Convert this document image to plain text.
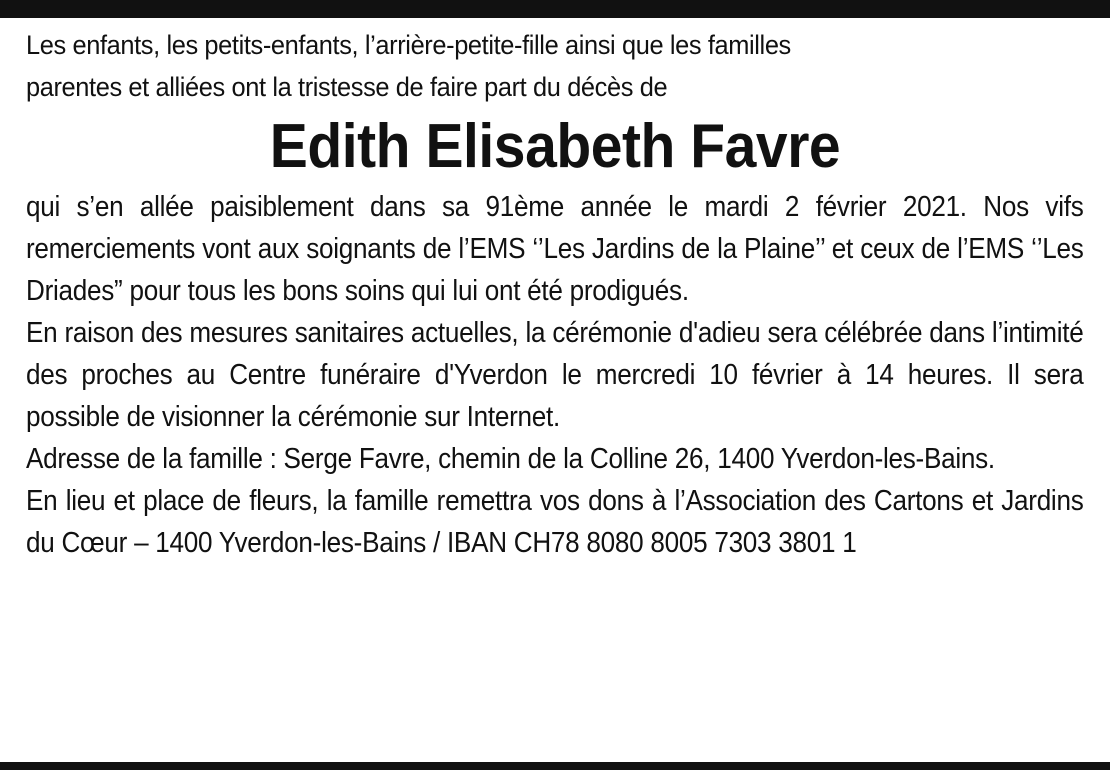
Les enfants, les petits-enfants, l’arrière-petite-fille ainsi que les familles
parentes et alliées ont la tristesse de faire part du décès de

Edith Elisabeth Favre

qui s’en allée paisiblement dans sa 91ème année le mardi 2 février 2021. Nos vifs remerciements vont aux soignants de l’EMS ‘’Les Jardins de la Plaine’’ et ceux de l’EMS ‘’Les Driades” pour tous les bons soins qui lui ont été prodigués.

En raison des mesures sanitaires actuelles, la cérémonie d'adieu sera célébrée dans l’intimité des proches au Centre funéraire d'Yverdon le mercredi 10 février à 14 heures. Il sera possible de visionner la cérémonie sur Internet.

Adresse de la famille : Serge Favre, chemin de la Colline 26, 1400 Yverdon-les-Bains.

En lieu et place de fleurs, la famille remettra vos dons à l’Association des Cartons et Jardins du Cœur – 1400 Yverdon-les-Bains / IBAN CH78 8080 8005 7303 3801 1
